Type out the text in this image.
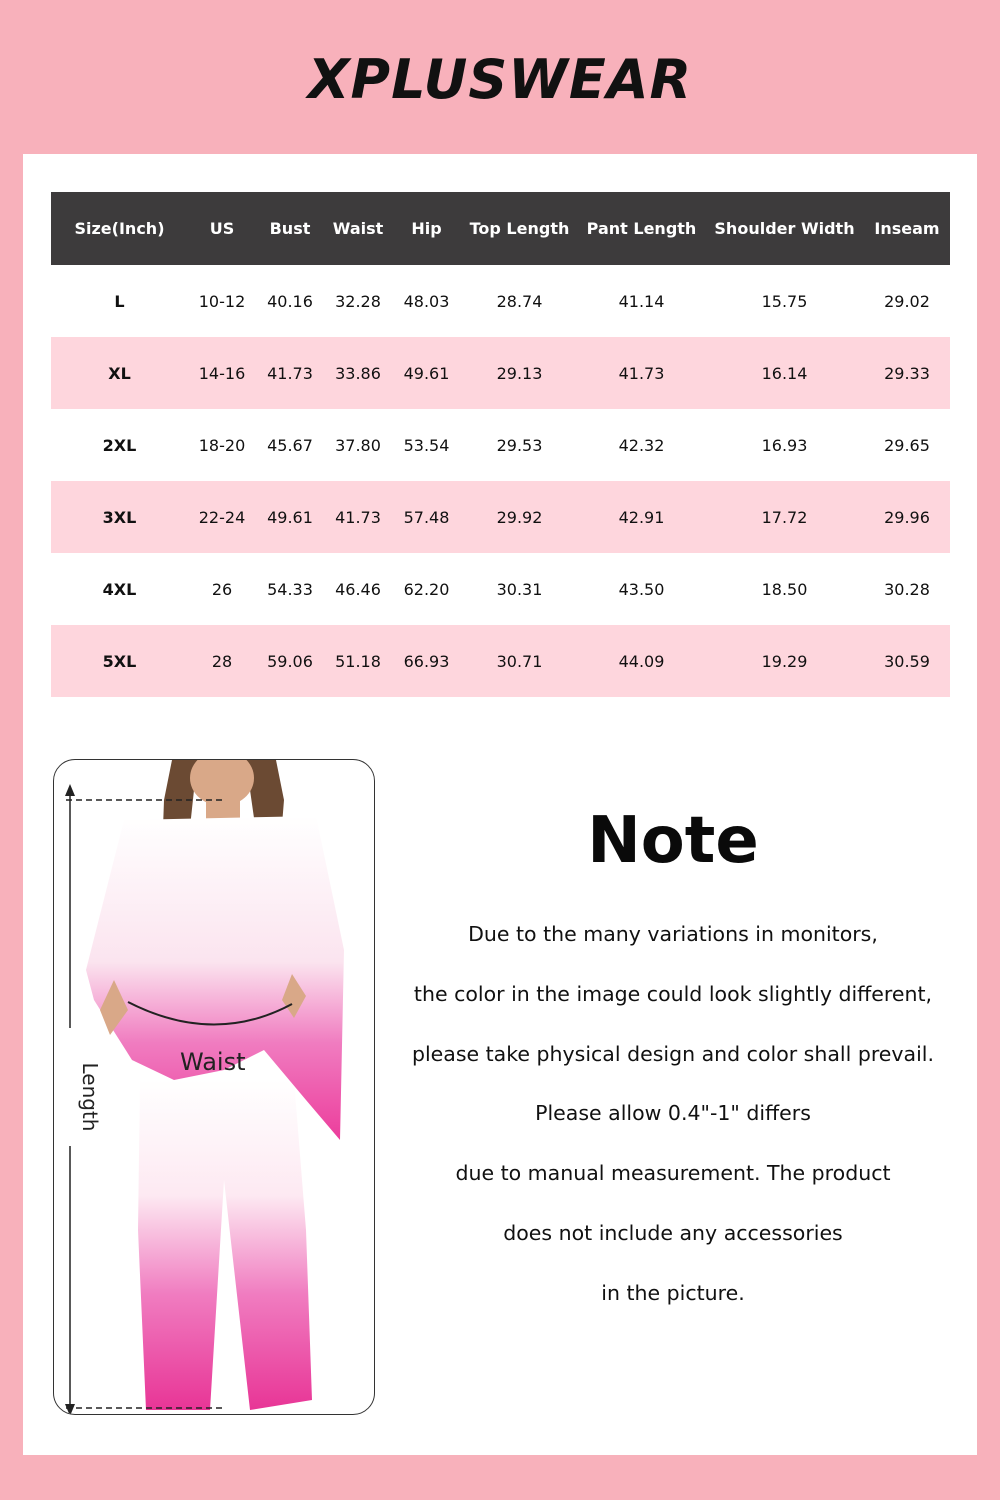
XPLUSWEAR
Size(Inch)	US	Bust	Waist	Hip	Top Length	Pant Length	Shoulder Width	Inseam
L	10-12	40.16	32.28	48.03	28.74	41.14	15.75	29.02
XL	14-16	41.73	33.86	49.61	29.13	41.73	16.14	29.33
2XL	18-20	45.67	37.80	53.54	29.53	42.32	16.93	29.65
3XL	22-24	49.61	41.73	57.48	29.92	42.91	17.72	29.96
4XL	26	54.33	46.46	62.20	30.31	43.50	18.50	30.28
5XL	28	59.06	51.18	66.93	30.71	44.09	19.29	30.59
Waist
Length
Note

Due to the many variations in monitors,

the color in the image could look slightly different,

please take physical design and color shall prevail.

Please allow 0.4"-1" differs

due to manual measurement. The product

does not include any accessories

in the picture.
